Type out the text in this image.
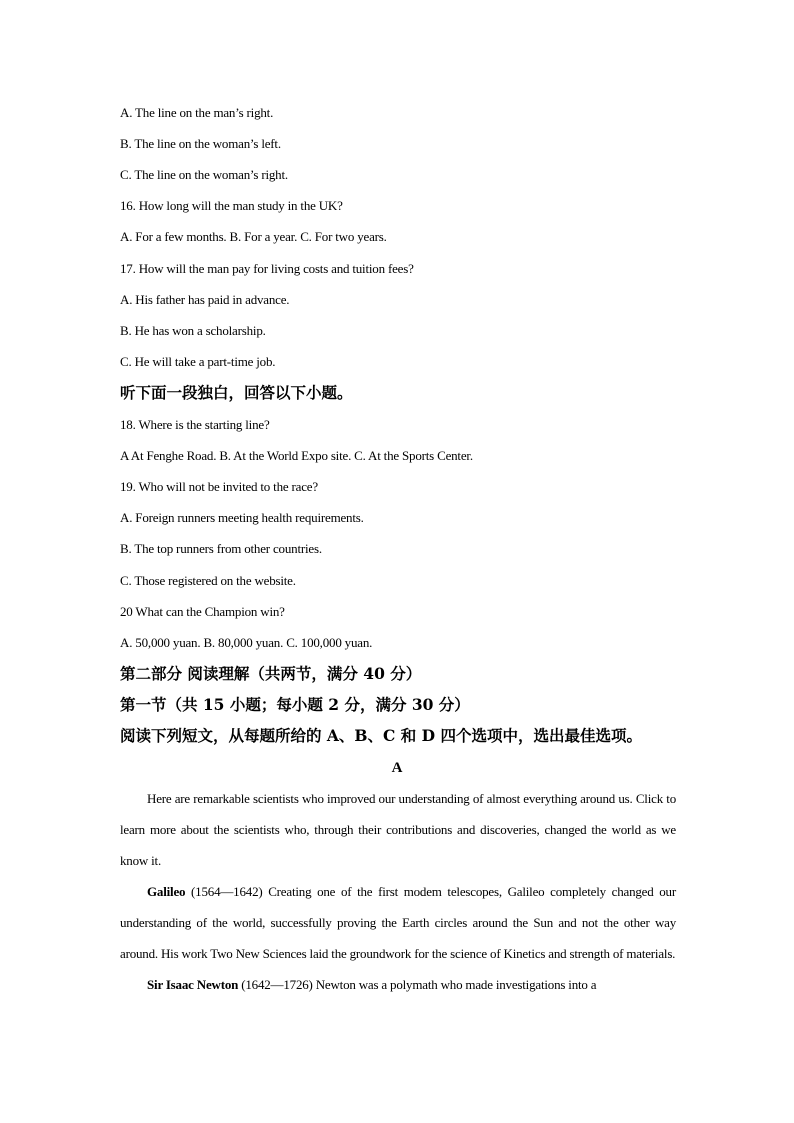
A. The line on the man’s right.
B. The line on the woman’s left.
C. The line on the woman’s right.
16. How long will the man study in the UK?
A. For a few months. B. For a year. C. For two years.
17. How will the man pay for living costs and tuition fees?
A. His father has paid in advance.
B. He has won a scholarship.
C. He will take a part-time job.
听下面一段独白，回答以下小题。
18. Where is the starting line?
A At Fenghe Road. B. At the World Expo site. C. At the Sports Center.
19. Who will not be invited to the race?
A. Foreign runners meeting health requirements.
B. The top runners from other countries.
C. Those registered on the website.
20 What can the Champion win?
A. 50,000 yuan. B. 80,000 yuan. C. 100,000 yuan.
第二部分 阅读理解（共两节，满分 40 分）
第一节（共 15 小题；每小题 2 分，满分 30 分）
阅读下列短文，从每题所给的 A、B、C 和 D 四个选项中，选出最佳选项。
A

Here are remarkable scientists who improved our understanding of almost everything around us. Click to learn more about the scientists who, through their contributions and discoveries, changed the world as we know it.

Galileo (1564—1642) Creating one of the first modem telescopes, Galileo completely changed our understanding of the world, successfully proving the Earth circles around the Sun and not the other way around. His work Two New Sciences laid the groundwork for the science of Kinetics and strength of materials.

Sir Isaac Newton (1642—1726) Newton was a polymath who made investigations into a
